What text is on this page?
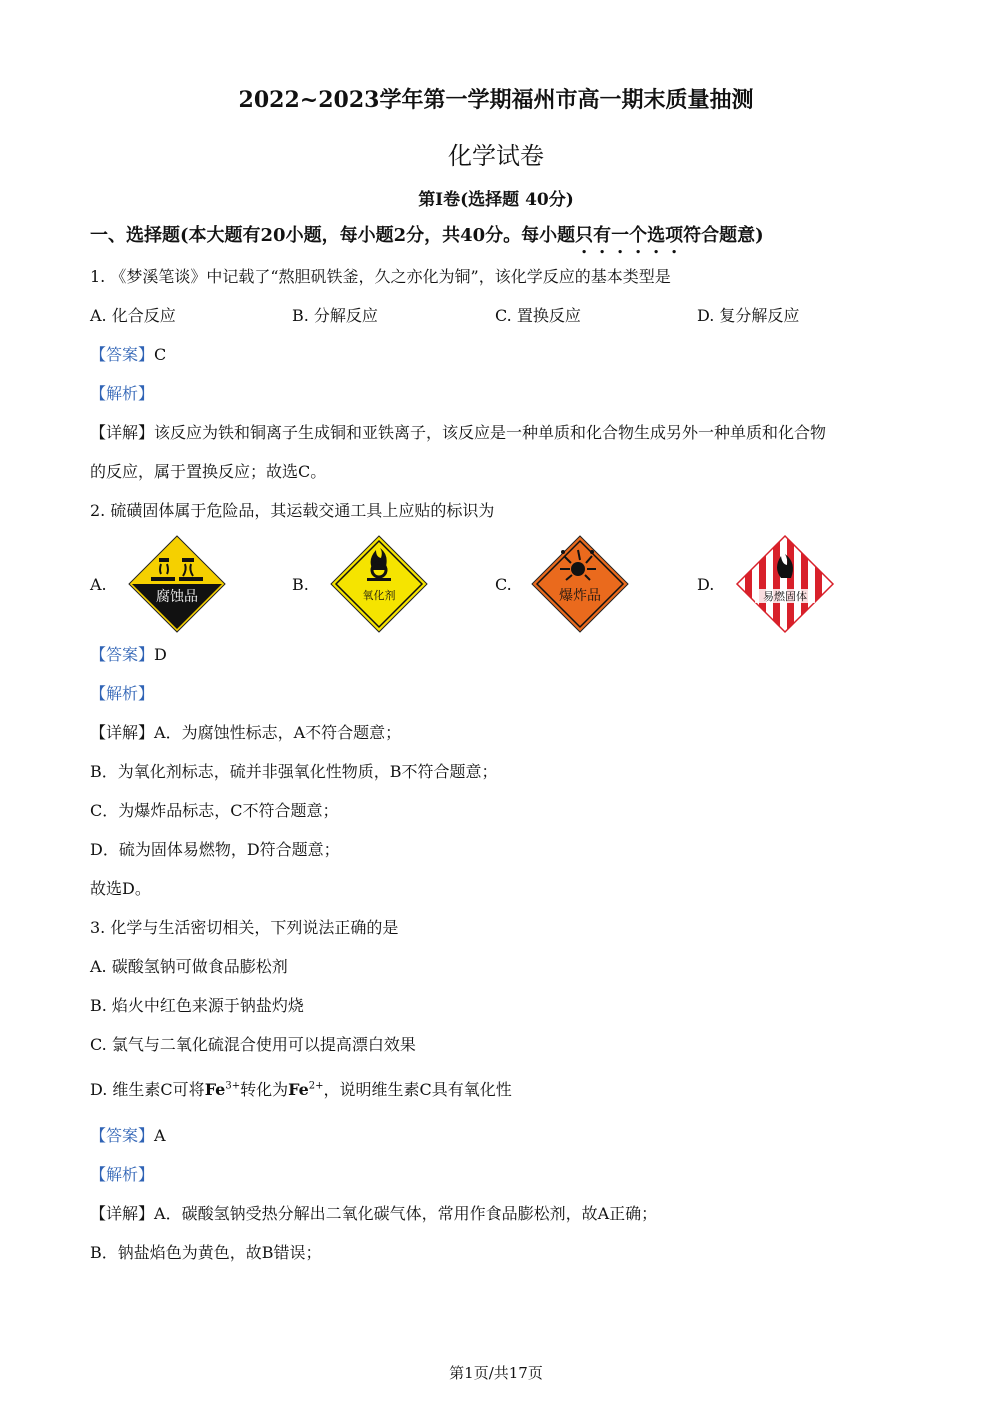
2022~2023学年第一学期福州市高一期末质量抽测
化学试卷
第I卷(选择题 40分)
一、选择题(本大题有20小题，每小题2分，共40分。每小题只有一个选项符合题意)
1. 《梦溪笔谈》中记载了“熬胆矾铁釜，久之亦化为铜”，该化学反应的基本类型是
A. 化合反应	B. 分解反应	C. 置换反应	D. 复分解反应
【答案】C
【解析】
【详解】该反应为铁和铜离子生成铜和亚铁离子，该反应是一种单质和化合物生成另外一种单质和化合物
的反应，属于置换反应；故选C。
2. 硫磺固体属于危险品，其运载交通工具上应贴的标识为
A.	B.	C.	D.
腐蚀品	氧化剂	爆炸品	易燃固体
【答案】D
【解析】
【详解】A．为腐蚀性标志，A不符合题意；
B．为氧化剂标志，硫并非强氧化性物质，B不符合题意；
C．为爆炸品标志，C不符合题意；
D．硫为固体易燃物，D符合题意；
故选D。
3. 化学与生活密切相关，下列说法正确的是
A. 碳酸氢钠可做食品膨松剂
B. 焰火中红色来源于钠盐灼烧
C. 氯气与二氧化硫混合使用可以提高漂白效果
D. 维生素C可将$Fe^{3+}$转化为$Fe^{2+}$，说明维生素C具有氧化性
【答案】A
【解析】
【详解】A．碳酸氢钠受热分解出二氧化碳气体，常用作食品膨松剂，故A正确；
B．钠盐焰色为黄色，故B错误；
第1页/共17页
